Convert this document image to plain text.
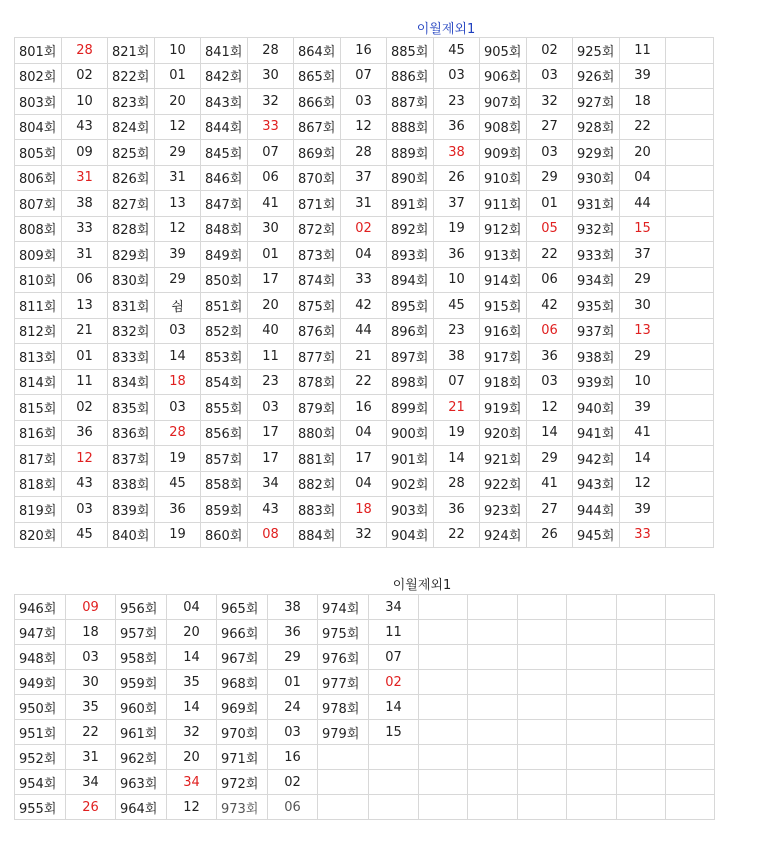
이월제외1
801회	28	821회	10	841회	28	864회	16	885회	45	905회	02	925회	11	
802회	02	822회	01	842회	30	865회	07	886회	03	906회	03	926회	39	
803회	10	823회	20	843회	32	866회	03	887회	23	907회	32	927회	18	
804회	43	824회	12	844회	33	867회	12	888회	36	908회	27	928회	22	
805회	09	825회	29	845회	07	869회	28	889회	38	909회	03	929회	20	
806회	31	826회	31	846회	06	870회	37	890회	26	910회	29	930회	04	
807회	38	827회	13	847회	41	871회	31	891회	37	911회	01	931회	44	
808회	33	828회	12	848회	30	872회	02	892회	19	912회	05	932회	15	
809회	31	829회	39	849회	01	873회	04	893회	36	913회	22	933회	37	
810회	06	830회	29	850회	17	874회	33	894회	10	914회	06	934회	29	
811회	13	831회	쉼	851회	20	875회	42	895회	45	915회	42	935회	30	
812회	21	832회	03	852회	40	876회	44	896회	23	916회	06	937회	13	
813회	01	833회	14	853회	11	877회	21	897회	38	917회	36	938회	29	
814회	11	834회	18	854회	23	878회	22	898회	07	918회	03	939회	10	
815회	02	835회	03	855회	03	879회	16	899회	21	919회	12	940회	39	
816회	36	836회	28	856회	17	880회	04	900회	19	920회	14	941회	41	
817회	12	837회	19	857회	17	881회	17	901회	14	921회	29	942회	14	
818회	43	838회	45	858회	34	882회	04	902회	28	922회	41	943회	12	
819회	03	839회	36	859회	43	883회	18	903회	36	923회	27	944회	39	
820회	45	840회	19	860회	08	884회	32	904회	22	924회	26	945회	33	
이월제외1
946회	09	956회	04	965회	38	974회	34						
947회	18	957회	20	966회	36	975회	11						
948회	03	958회	14	967회	29	976회	07						
949회	30	959회	35	968회	01	977회	02						
950회	35	960회	14	969회	24	978회	14						
951회	22	961회	32	970회	03	979회	15						
952회	31	962회	20	971회	16								
954회	34	963회	34	972회	02								
955회	26	964회	12	973회	06								
